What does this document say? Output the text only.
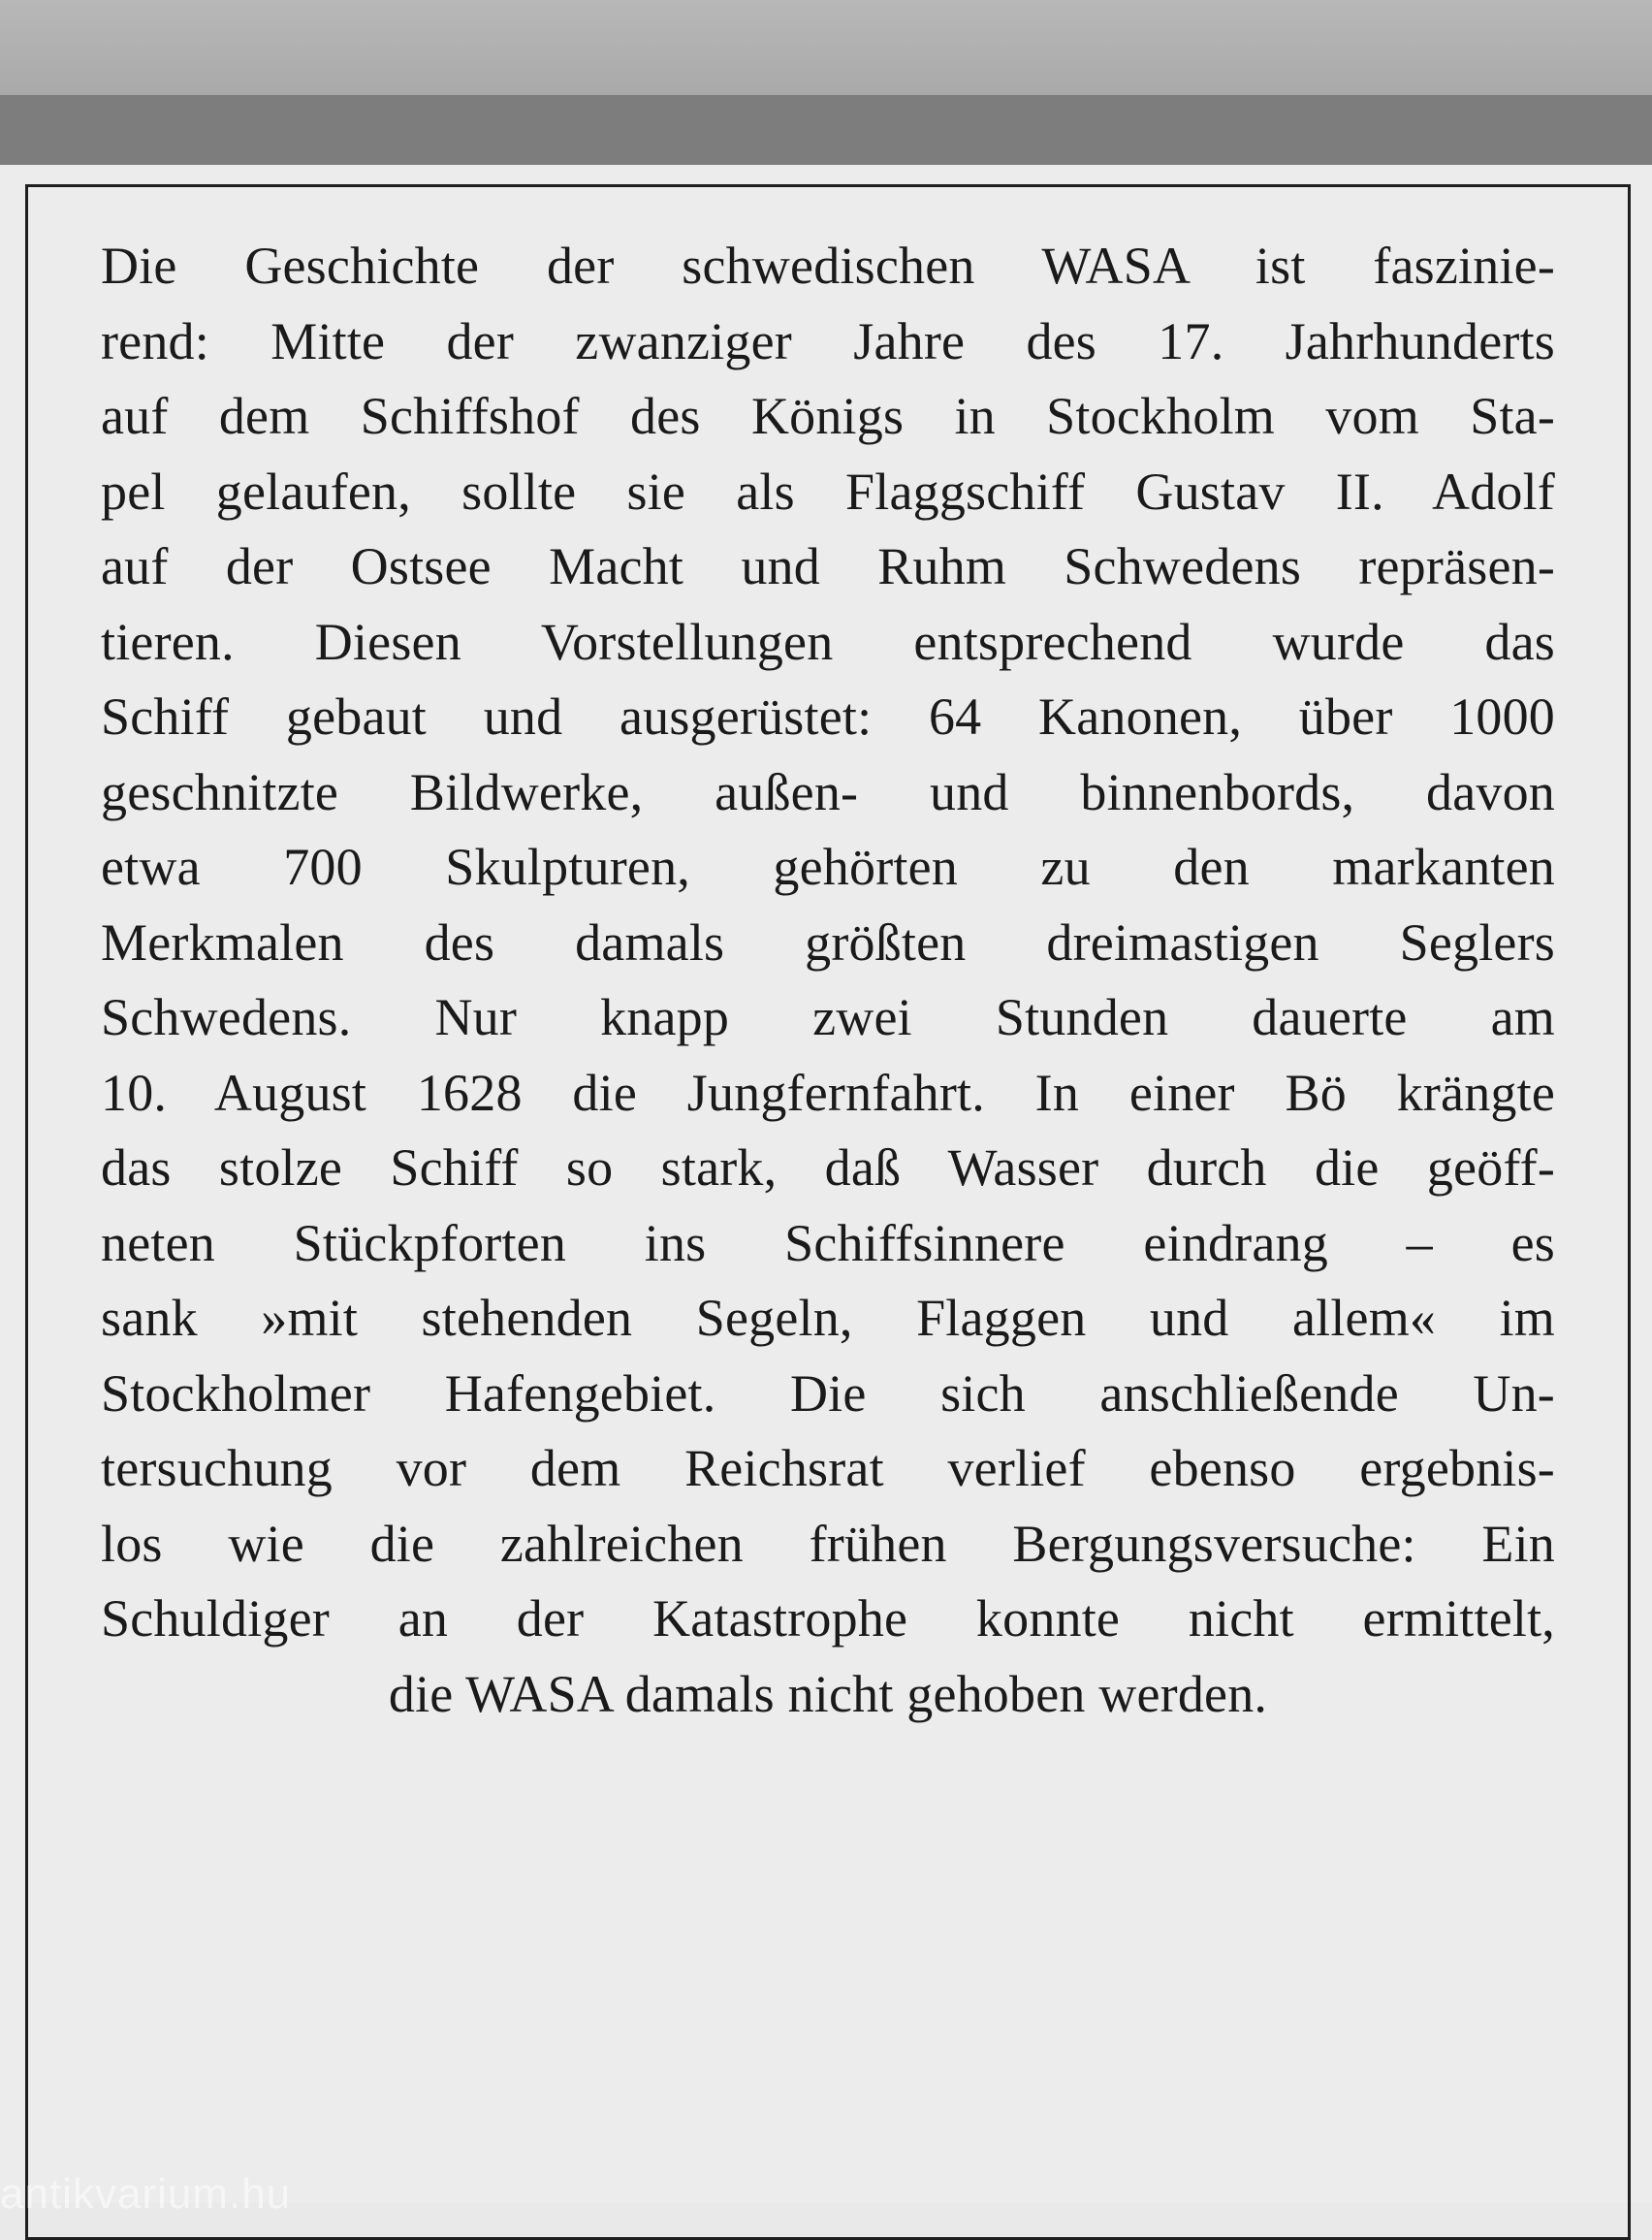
Die Geschichte der schwedischen WASA ist faszinie-
rend: Mitte der zwanziger Jahre des 17. Jahrhunderts
auf dem Schiffshof des Königs in Stockholm vom Sta-
pel gelaufen, sollte sie als Flaggschiff Gustav II. Adolf
auf der Ostsee Macht und Ruhm Schwedens repräsen-
tieren. Diesen Vorstellungen entsprechend wurde das
Schiff gebaut und ausgerüstet: 64 Kanonen, über 1000
geschnitzte Bildwerke, außen- und binnenbords, davon
etwa 700 Skulpturen, gehörten zu den markanten
Merkmalen des damals größten dreimastigen Seglers
Schwedens. Nur knapp zwei Stunden dauerte am
10. August 1628 die Jungfernfahrt. In einer Bö krängte
das stolze Schiff so stark, daß Wasser durch die geöff-
neten Stückpforten ins Schiffsinnere eindrang – es
sank »mit stehenden Segeln, Flaggen und allem« im
Stockholmer Hafengebiet. Die sich anschließende Un-
tersuchung vor dem Reichsrat verlief ebenso ergebnis-
los wie die zahlreichen frühen Bergungsversuche: Ein
Schuldiger an der Katastrophe konnte nicht ermittelt,
die WASA damals nicht gehoben werden.
antikvarium.hu
